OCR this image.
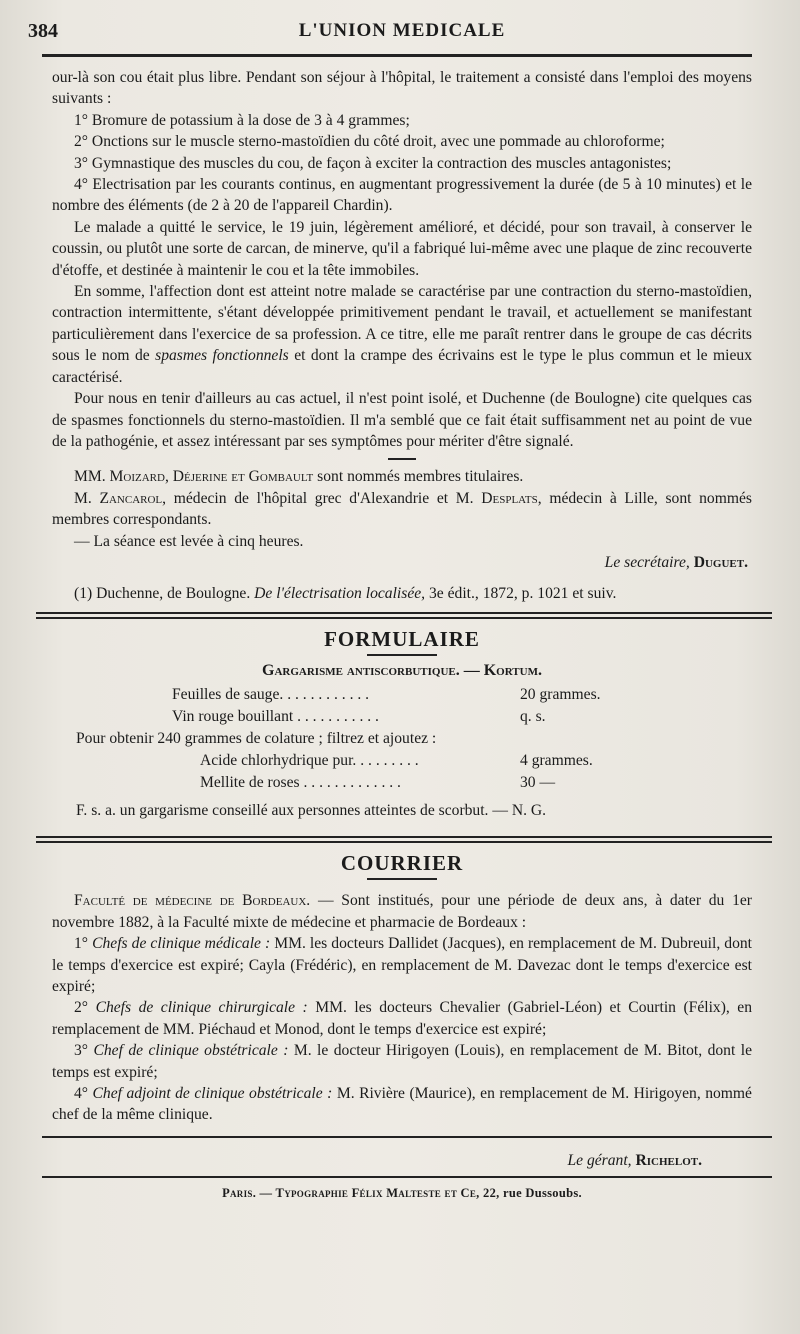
384	L'UNION MEDICALE

our-là son cou était plus libre. Pendant son séjour à l'hôpital, le traitement a consisté dans l'emploi des moyens suivants :

1° Bromure de potassium à la dose de 3 à 4 grammes;

2° Onctions sur le muscle sterno-mastoïdien du côté droit, avec une pommade au chloroforme;

3° Gymnastique des muscles du cou, de façon à exciter la contraction des muscles antagonistes;

4° Electrisation par les courants continus, en augmentant progressivement la durée (de 5 à 10 minutes) et le nombre des éléments (de 2 à 20 de l'appareil Chardin).

Le malade a quitté le service, le 19 juin, légèrement amélioré, et décidé, pour son travail, à conserver le coussin, ou plutôt une sorte de carcan, de minerve, qu'il a fabriqué lui-même avec une plaque de zinc recouverte d'étoffe, et destinée à maintenir le cou et la tête immobiles.

En somme, l'affection dont est atteint notre malade se caractérise par une contraction du sterno-mastoïdien, contraction intermittente, s'étant développée primitivement pendant le travail, et actuellement se manifestant particulièrement dans l'exercice de sa profession. A ce titre, elle me paraît rentrer dans le groupe de cas décrits sous le nom de spasmes fonctionnels et dont la crampe des écrivains est le type le plus commun et le mieux caractérisé.

Pour nous en tenir d'ailleurs au cas actuel, il n'est point isolé, et Duchenne (de Boulogne) cite quelques cas de spasmes fonctionnels du sterno-mastoïdien. Il m'a semblé que ce fait était suffisamment net au point de vue de la pathogénie, et assez intéressant par ses symptômes pour mériter d'être signalé.

MM. Moizard, Déjerine et Gombault sont nommés membres titulaires.

M. Zancarol, médecin de l'hôpital grec d'Alexandrie et M. Desplats, médecin à Lille, sont nommés membres correspondants.

— La séance est levée à cinq heures.

Le secrétaire, Duguet.

(1) Duchenne, de Boulogne. De l'électrisation localisée, 3e édit., 1872, p. 1021 et suiv.
FORMULAIRE
Gargarisme antiscorbutique. — Kortum.
Feuilles de sauge. . . . . . . . . . . .	20 grammes.
Vin rouge bouillant . . . . . . . . . . .	q. s.
Pour obtenir 240 grammes de colature ; filtrez et ajoutez :
Acide chlorhydrique pur. . . . . . . . .	4 grammes.
Mellite de roses . . . . . . . . . . . . .	30 —
F. s. a. un gargarisme conseillé aux personnes atteintes de scorbut. — N. G.
COURRIER

Faculté de médecine de Bordeaux. — Sont institués, pour une période de deux ans, à dater du 1er novembre 1882, à la Faculté mixte de médecine et pharmacie de Bordeaux :

1° Chefs de clinique médicale : MM. les docteurs Dallidet (Jacques), en remplacement de M. Dubreuil, dont le temps d'exercice est expiré; Cayla (Frédéric), en remplacement de M. Davezac dont le temps d'exercice est expiré;

2° Chefs de clinique chirurgicale : MM. les docteurs Chevalier (Gabriel-Léon) et Courtin (Félix), en remplacement de MM. Piéchaud et Monod, dont le temps d'exercice est expiré;

3° Chef de clinique obstétricale : M. le docteur Hirigoyen (Louis), en remplacement de M. Bitot, dont le temps est expiré;

4° Chef adjoint de clinique obstétricale : M. Rivière (Maurice), en remplacement de M. Hirigoyen, nommé chef de la même clinique.

Le gérant, Richelot.
Paris. — Typographie Félix Malteste et Ce, 22, rue Dussoubs.
